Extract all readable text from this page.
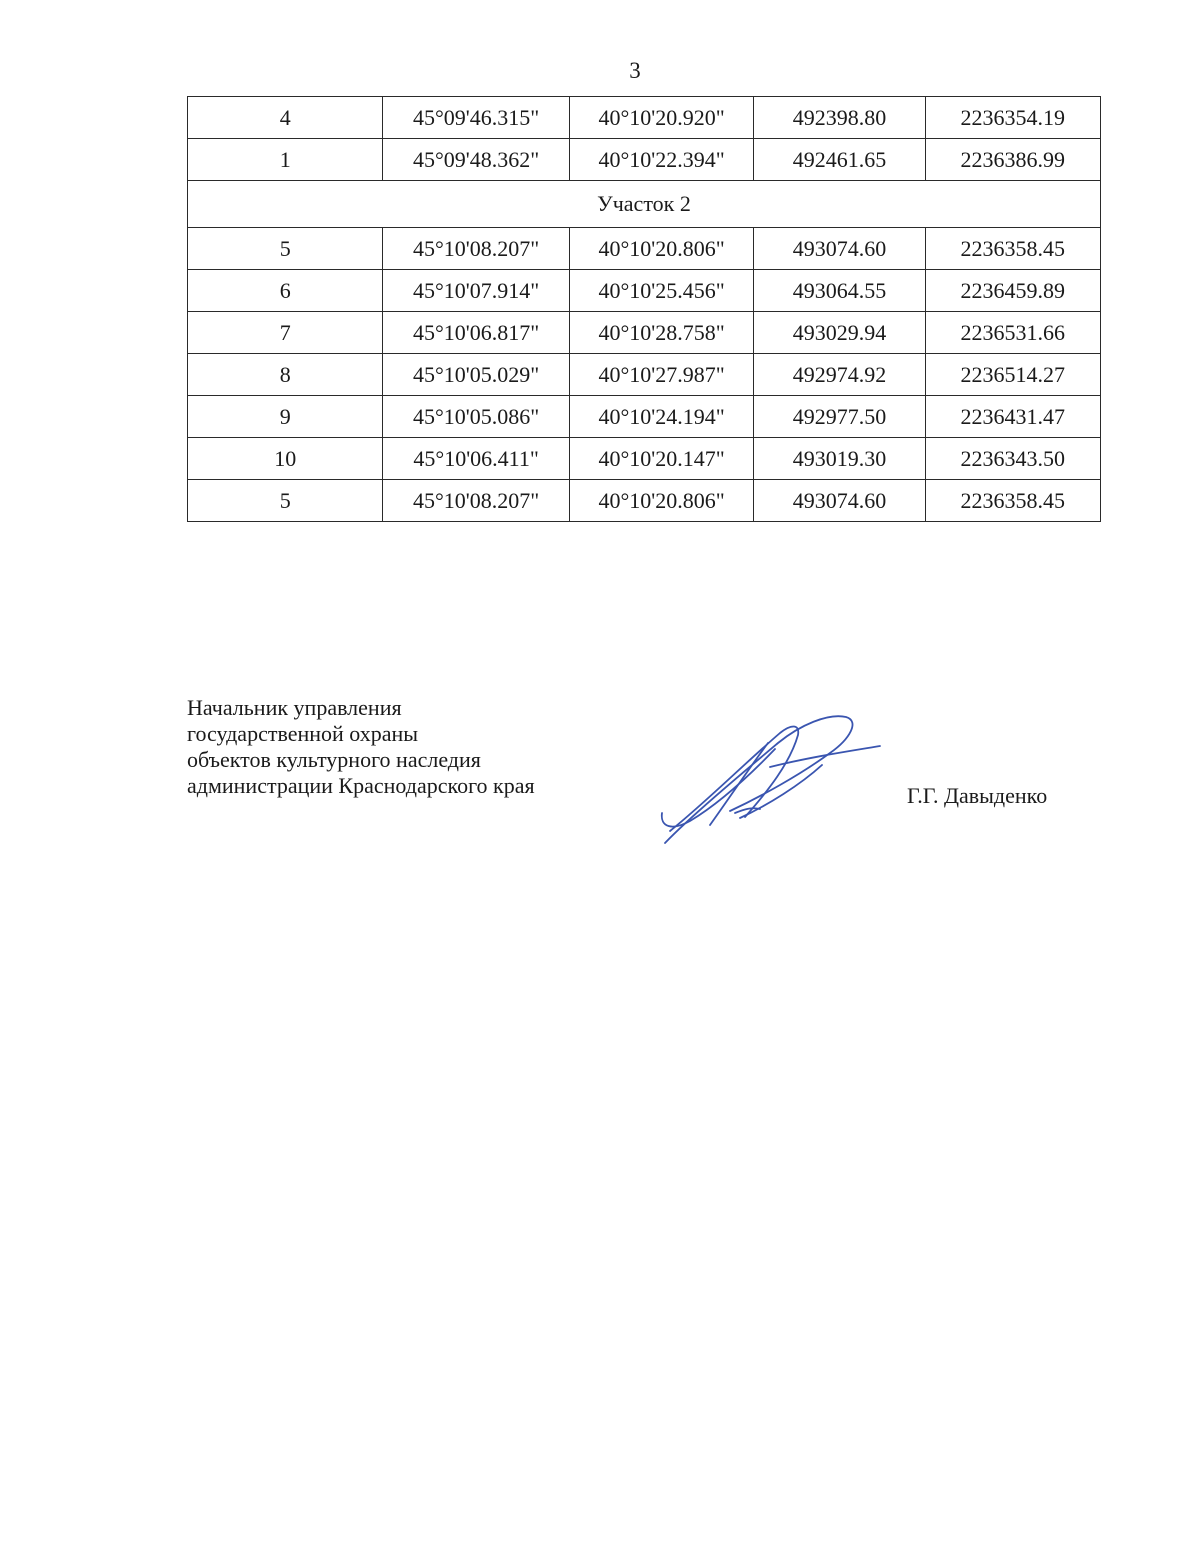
3
4	45°09'46.315"	40°10'20.920"	492398.80	2236354.19
1	45°09'48.362"	40°10'22.394"	492461.65	2236386.99
Участок 2				
5	45°10'08.207"	40°10'20.806"	493074.60	2236358.45
6	45°10'07.914"	40°10'25.456"	493064.55	2236459.89
7	45°10'06.817"	40°10'28.758"	493029.94	2236531.66
8	45°10'05.029"	40°10'27.987"	492974.92	2236514.27
9	45°10'05.086"	40°10'24.194"	492977.50	2236431.47
10	45°10'06.411"	40°10'20.147"	493019.30	2236343.50
5	45°10'08.207"	40°10'20.806"	493074.60	2236358.45
Начальник управления
государственной охраны
объектов культурного наследия
администрации Краснодарского края	Г.Г. Давыденко
